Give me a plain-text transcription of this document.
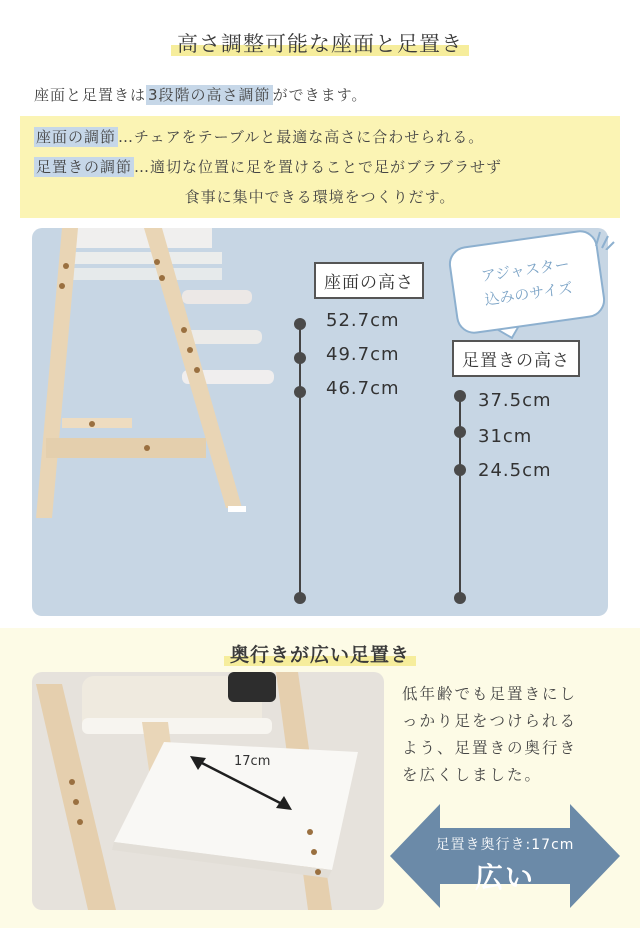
高さ調整可能な座面と足置き
座面と足置きは 3段階の高さ調節 ができます。
座面の調節 …チェアをテーブルと最適な高さに合わせられる。
足置きの調節 …適切な位置に足を置けることで足がブラブラせず
食事に集中できる環境をつくりだす。
座面の高さ
52.7cm
49.7cm
46.7cm
足置きの高さ
37.5cm
31cm
24.5cm
アジャスター
込みのサイズ
奥行きが広い足置き
17cm
低年齢でも足置きにし
っかり足をつけられる
よう、足置きの奥行き
を広くしました。
足置き奥行き:17cm
広い
